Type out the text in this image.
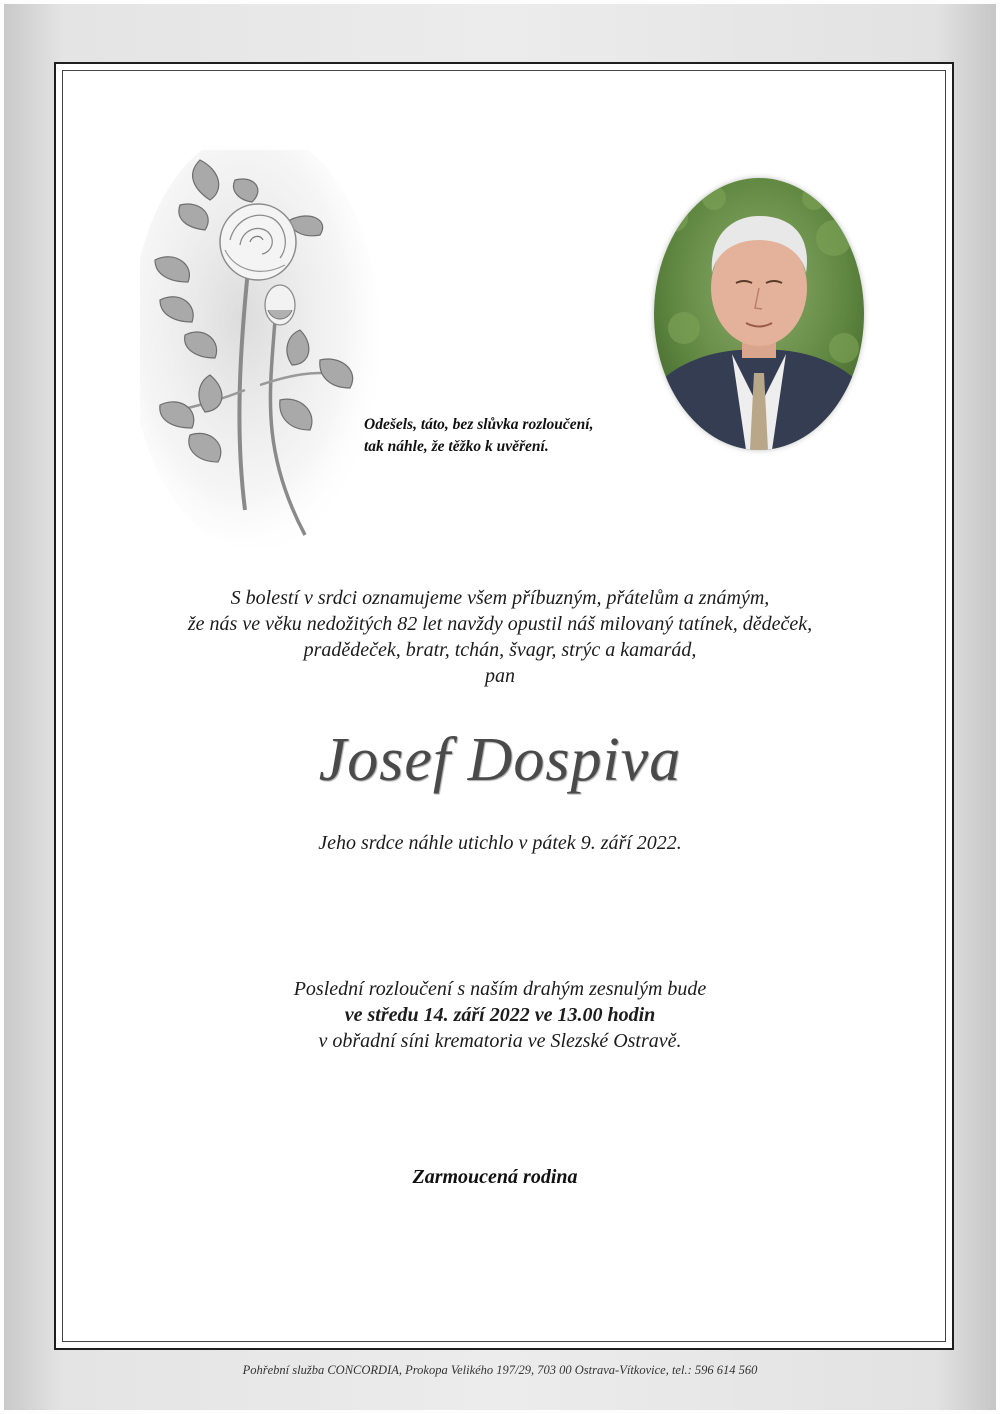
Odešels, táto, bez slůvka rozloučení,
tak náhle, že těžko k uvěření.
S bolestí v srdci oznamujeme všem příbuzným, přátelům a známým,
že nás ve věku nedožitých 82 let navždy opustil náš milovaný tatínek, dědeček,
pradědeček, bratr, tchán, švagr, strýc a kamarád,
pan
Josef Dospiva
Jeho srdce náhle utichlo v pátek 9. září 2022.
Poslední rozloučení s naším drahým zesnulým bude
ve středu 14. září 2022 ve 13.00 hodin
v obřadní síni krematoria ve Slezské Ostravě.
Zarmoucená rodina
Pohřební služba CONCORDIA, Prokopa Velikého 197/29, 703 00 Ostrava-Vítkovice, tel.: 596 614 560
